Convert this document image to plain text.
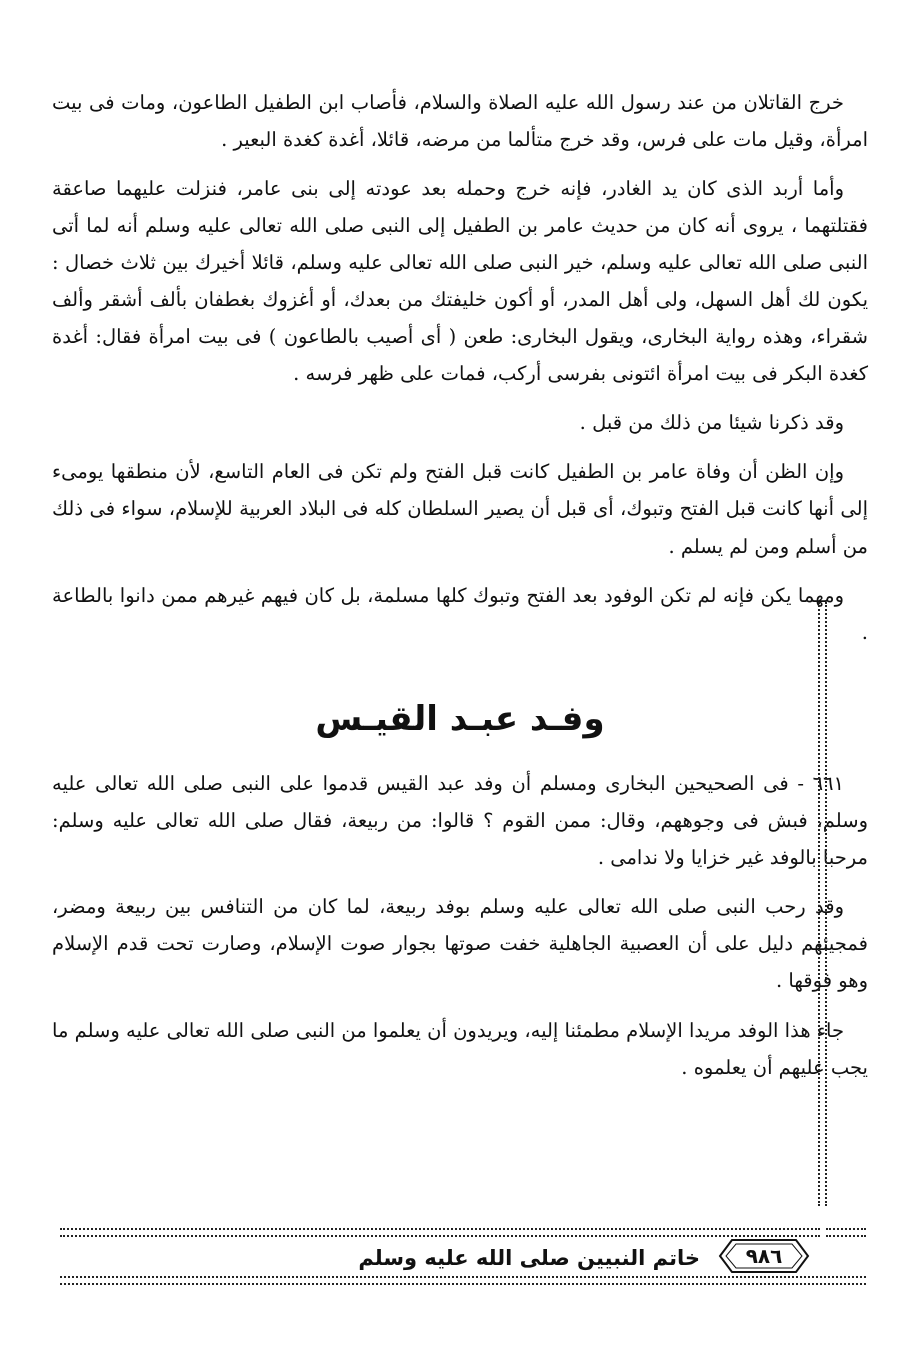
خرج القاتلان من عند رسول الله عليه الصلاة والسلام، فأصاب ابن الطفيل الطاعون، ومات فى بيت امرأة، وقيل مات على فرس، وقد خرج متألما من مرضه، قائلا، أغدة كغدة البعير .

وأما أربد الذى كان يد الغادر، فإنه خرج وحمله بعد عودته إلى بنى عامر، فنزلت عليهما صاعقة فقتلتهما ، يروى أنه كان من حديث عامر بن الطفيل إلى النبى صلى الله تعالى عليه وسلم أنه لما أتى النبى صلى الله تعالى عليه وسلم، خير النبى صلى الله تعالى عليه وسلم، قائلا أخيرك بين ثلاث خصال : يكون لك أهل السهل، ولى أهل المدر، أو أكون خليفتك من بعدك، أو أغزوك بغطفان بألف أشقر وألف شقراء، وهذه رواية البخارى، ويقول البخارى: طعن ( أى أصيب بالطاعون ) فى بيت امرأة فقال: أغدة كغدة البكر فى بيت امرأة ائتونى بفرسى أركب، فمات على ظهر فرسه .

وقد ذكرنا شيئا من ذلك من قبل .

وإن الظن أن وفاة عامر بن الطفيل كانت قبل الفتح ولم تكن فى العام التاسع، لأن منطقها يومىء إلى أنها كانت قبل الفتح وتبوك، أى قبل أن يصير السلطان كله فى البلاد العربية للإسلام، سواء فى ذلك من أسلم ومن لم يسلم .

ومهما يكن فإنه لم تكن الوفود بعد الفتح وتبوك كلها مسلمة، بل كان فيهم غيرهم ممن دانوا بالطاعة .

وفـد عبـد القيـس

٦٦١ - فى الصحيحين البخارى ومسلم أن وفد عبد القيس قدموا على النبى صلى الله تعالى عليه وسلم، فبش فى وجوههم، وقال: ممن القوم ؟ قالوا: من ربيعة، فقال صلى الله تعالى عليه وسلم: مرحبا بالوفد غير خزايا ولا ندامى .

وقد رحب النبى صلى الله تعالى عليه وسلم بوفد ربيعة، لما كان من التنافس بين ربيعة ومضر، فمجيئهم دليل على أن العصبية الجاهلية خفت صوتها بجوار صوت الإسلام، وصارت تحت قدم الإسلام وهو فوقها .

جاء هذا الوفد مريدا الإسلام مطمئنا إليه، ويريدون أن يعلموا من النبى صلى الله تعالى عليه وسلم ما يجب عليهم أن يعلموه .

٩٨٦
خاتم النبيين صلى الله عليه وسلم
